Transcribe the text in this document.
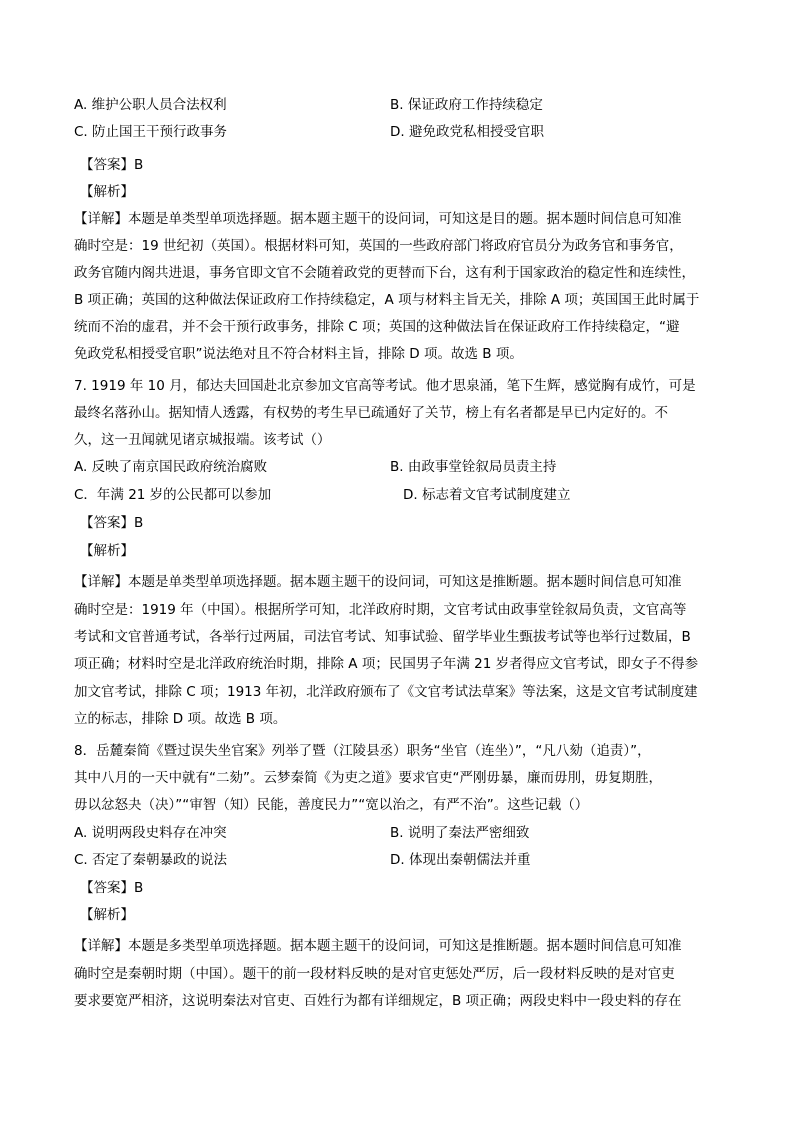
A. 维护公职人员合法权利	B. 保证政府工作持续稳定
C. 防止国王干预行政事务	D. 避免政党私相授受官职
【答案】B
【解析】
【详解】本题是单类型单项选择题。据本题主题干的设问词，可知这是目的题。据本题时间信息可知准
确时空是：19 世纪初（英国）。根据材料可知，英国的一些政府部门将政府官员分为政务官和事务官，
政务官随内阁共进退，事务官即文官不会随着政党的更替而下台，这有利于国家政治的稳定性和连续性，
B 项正确；英国的这种做法保证政府工作持续稳定，A 项与材料主旨无关，排除 A 项；英国国王此时属于
统而不治的虚君，并不会干预行政事务，排除 C 项；英国的这种做法旨在保证政府工作持续稳定，“避
免政党私相授受官职”说法绝对且不符合材料主旨，排除 D 项。故选 B 项。
7. 1919 年 10 月，郁达夫回国赴北京参加文官高等考试。他才思泉涌，笔下生辉，感觉胸有成竹，可是
最终名落孙山。据知情人透露，有权势的考生早已疏通好了关节，榜上有名者都是早已内定好的。不
久，这一丑闻就见诸京城报端。该考试（）
A. 反映了南京国民政府统治腐败	B. 由政事堂铨叙局员责主持
C．年满 21 岁的公民都可以参加	D. 标志着文官考试制度建立
【答案】B
【解析】
【详解】本题是单类型单项选择题。据本题主题干的设问词，可知这是推断题。据本题时间信息可知准
确时空是：1919 年（中国）。根据所学可知，北洋政府时期，文官考试由政事堂铨叙局负责，文官高等
考试和文官普通考试，各举行过两届，司法官考试、知事试验、留学毕业生甄拔考试等也举行过数届，B
项正确；材料时空是北洋政府统治时期，排除 A 项；民国男子年满 21 岁者得应文官考试，即女子不得参
加文官考试，排除 C 项；1913 年初，北洋政府颁布了《文官考试法草案》等法案，这是文官考试制度建
立的标志，排除 D 项。故选 B 项。
8．岳麓秦简《暨过误失坐官案》列举了暨（江陵县丞）职务“坐官（连坐）”，“凡八劾（追责）”，
其中八月的一天中就有“二劾”。云梦秦简《为吏之道》要求官吏“严刚毋暴，廉而毋刖，毋复期胜，
毋以忿怒夬（决）”“审智（知）民能，善度民力”“宽以治之，有严不治”。这些记载（）
A. 说明两段史料存在冲突	B. 说明了秦法严密细致
C. 否定了秦朝暴政的说法	D. 体现出秦朝儒法并重
【答案】B
【解析】
【详解】本题是多类型单项选择题。据本题主题干的设问词，可知这是推断题。据本题时间信息可知准
确时空是秦朝时期（中国）。题干的前一段材料反映的是对官吏惩处严厉，后一段材料反映的是对官吏
要求要宽严相济，这说明秦法对官吏、百姓行为都有详细规定，B 项正确；两段史料中一段史料的存在
